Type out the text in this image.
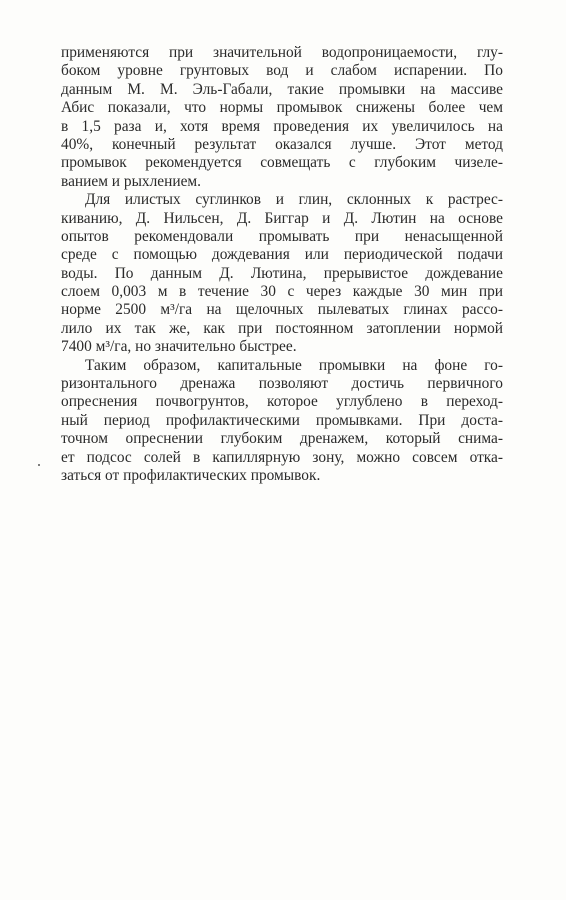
применяются при значительной водопроницаемости, глу-
боком уровне грунтовых вод и слабом испарении. По
данным М. М. Эль-Габали, такие промывки на массиве
Абис показали, что нормы промывок снижены более чем
в 1,5 раза и, хотя время проведения их увеличилось на
40%, конечный результат оказался лучше. Этот метод
промывок рекомендуется совмещать с глубоким чизеле-
ванием и рыхлением.
Для илистых суглинков и глин, склонных к растрес-
киванию, Д. Нильсен, Д. Биггар и Д. Лютин на основе
опытов рекомендовали промывать при ненасыщенной
среде с помощью дождевания или периодической подачи
воды. По данным Д. Лютина, прерывистое дождевание
слоем 0,003 м в течение 30 с через каждые 30 мин при
норме 2500 м³/га на щелочных пылеватых глинах рассо-
лило их так же, как при постоянном затоплении нормой
7400 м³/га, но значительно быстрее.
Таким образом, капитальные промывки на фоне го-
ризонтального дренажа позволяют достичь первичного
опреснения почвогрунтов, которое углублено в переход-
ный период профилактическими промывками. При доста-
точном опреснении глубоким дренажем, который снима-
ет подсос солей в капиллярную зону, можно совсем отка-
заться от профилактических промывок.
